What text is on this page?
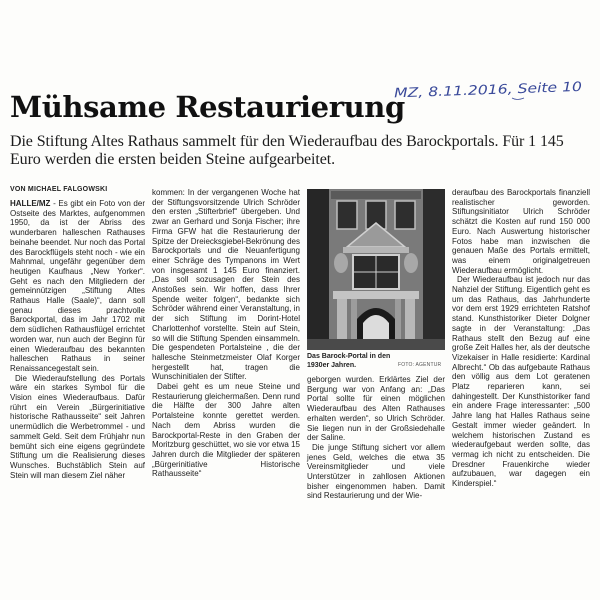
MZ, 8.11.2016, Seite 10
Mühsame Restaurierung

Die Stiftung Altes Rathaus sammelt für den Wiederaufbau des Barockportals. Für 1 145 Euro werden die ersten beiden Steine aufgearbeitet.

VON MICHAEL FALGOWSKI

HALLE/MZ - Es gibt ein Foto von der Ostseite des Marktes, aufgenommen 1950, da ist der Abriss des wunderbaren halleschen Rathauses beinahe beendet. Nur noch das Portal des Barockflügels steht noch - wie ein Mahnmal, ungefähr gegenüber dem heutigen Kaufhaus „New Yorker“. Geht es nach den Mitgliedern der gemeinnützigen „Stiftung Altes Rathaus Halle (Saale)“, dann soll genau dieses prachtvolle Barockportal, das im Jahr 1702 mit dem südlichen Rathausflügel errichtet worden war, nun auch der Beginn für einen Wiederaufbau des bekannten halleschen Rathaus in seiner Renaissancegestalt sein.

Die Wiederaufstellung des Portals wäre ein starkes Symbol für die Vision eines Wiederaufbaus. Dafür rührt ein Verein „Bürgerinitiative historische Rathausseite“ seit Jahren unermüdlich die Werbetrommel - und sammelt Geld. Seit dem Frühjahr nun bemüht sich eine eigens gegründete Stiftung um die Realisierung dieses Wunsches. Buchstäblich Stein auf Stein will man diesem Ziel näher

kommen: In der vergangenen Woche hat der Stiftungsvorsitzende Ulrich Schröder den ersten „Stifterbrief“ übergeben. Und zwar an Gerhard und Sonja Fischer; ihre Firma GFW hat die Restaurierung der Spitze der Dreiecksgiebel-Bekrönung des Barockportals und die Neuanfertigung einer Schräge des Tympanons im Wert von insgesamt 1 145 Euro finanziert. „Das soll sozusagen der Stein des Anstoßes sein. Wir hoffen, dass Ihrer Spende weiter folgen“, bedankte sich Schröder während einer Veranstaltung, in der sich Stiftung im Dorint-Hotel Charlottenhof vorstellte. Stein auf Stein, so will die Stiftung Spenden einsammeln. Die gespendeten Portalsteine , die der hallesche Steinmetzmeister Olaf Korger hergestellt hat, tragen die Wunschinitialen der Stifter.

Dabei geht es um neue Steine und Restaurierung gleichermaßen. Denn rund die Hälfte der 300 Jahre alten Portalsteine konnte gerettet werden. Nach dem Abriss wurden die Barockportal-Reste in den Graben der Moritzburg geschüttet, wo sie vor etwa 15 Jahren durch die Mitglieder der späteren „Bürgerinitiative Historische Rathausseite“

Das Barock-Portal in den 1930er Jahren.	FOTO: AGENTUR

geborgen wurden. Erklärtes Ziel der Bergung war von Anfang an: „Das Portal sollte für einen möglichen Wiederaufbau des Alten Rathauses erhalten werden“, so Ulrich Schröder. Sie liegen nun in der Großsiedehalle der Saline.

Die junge Stiftung sichert vor allem jenes Geld, welches die etwa 35 Vereinsmitglieder und viele Unterstützer in zahllosen Aktionen bisher eingenommen haben. Damit sind Restaurierung und der Wie-

deraufbau des Barockportals finanziell realistischer geworden. Stiftungsinitiator Ulrich Schröder schätzt die Kosten auf rund 150 000 Euro. Nach Auswertung historischer Fotos habe man inzwischen die genauen Maße des Portals ermittelt, was einem originalgetreuen Wiederaufbau ermöglicht.

Der Wiederaufbau ist jedoch nur das Nahziel der Stiftung. Eigentlich geht es um das Rathaus, das Jahrhunderte vor dem erst 1929 errichteten Ratshof stand. Kunsthistoriker Dieter Dolgner sagte in der Veranstaltung: „Das Rathaus stellt den Bezug auf eine große Zeit Halles her, als der deutsche Vizekaiser in Halle residierte: Kardinal Albrecht.“ Ob das aufgebaute Rathaus den völlig aus dem Lot geratenen Platz reparieren kann, sei dahingestellt. Der Kunsthistoriker fand ein andere Frage interessanter: „500 Jahre lang hat Halles Rathaus seine Gestalt immer wieder geändert. In welchem historischen Zustand es wiederaufgebaut werden sollte, das vermag ich nicht zu entscheiden. Die Dresdner Frauenkirche wieder aufzubauen, war dagegen ein Kinderspiel.“
